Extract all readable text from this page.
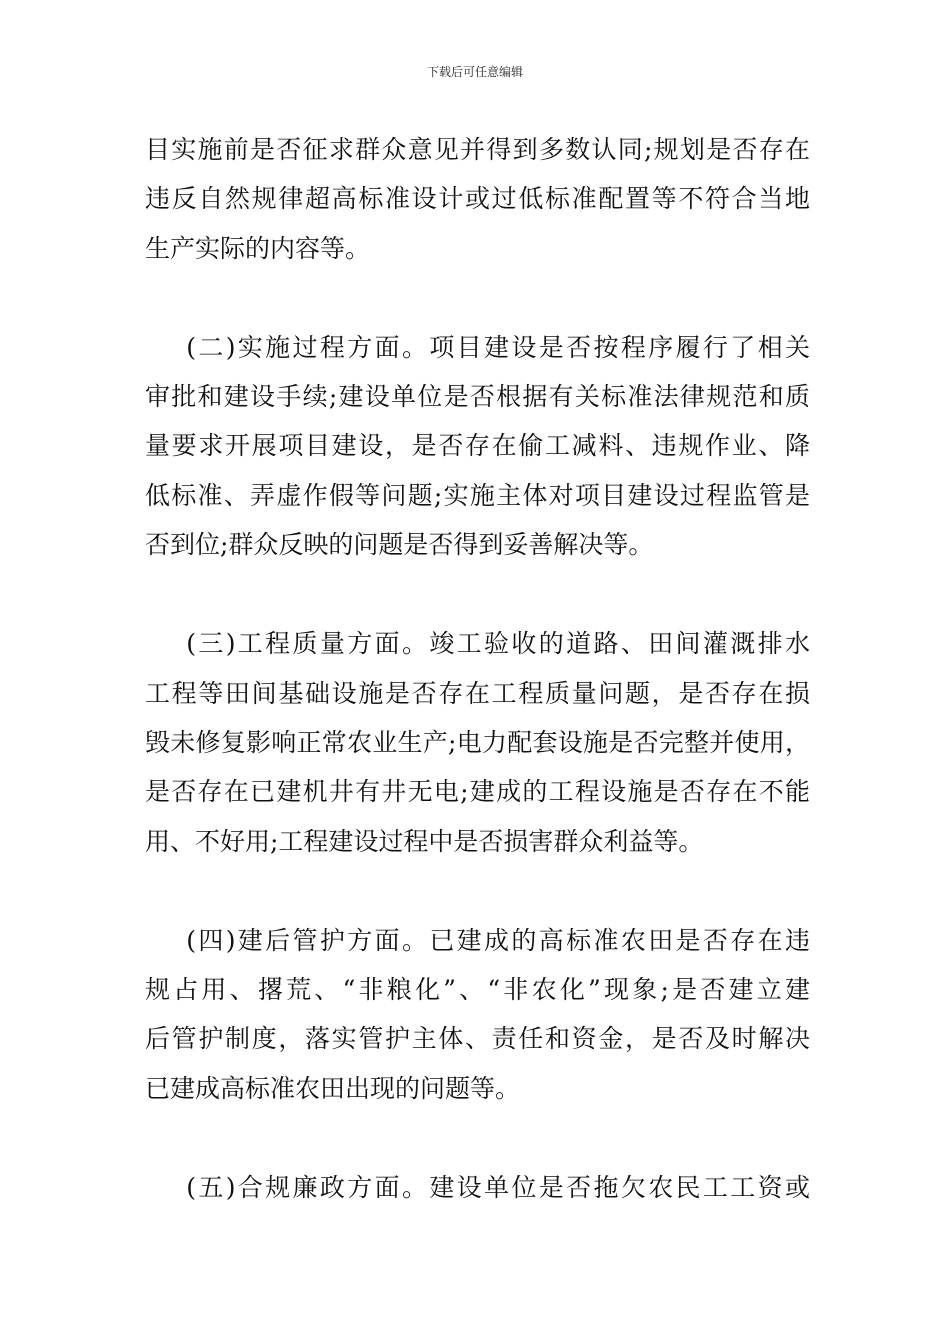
下载后可任意编辑
目实施前是否征求群众意见并得到多数认同;规划是否存在
违反自然规律超高标准设计或过低标准配置等不符合当地
生产实际的内容等。
(二)实施过程方面。项目建设是否按程序履行了相关
审批和建设手续;建设单位是否根据有关标准法律规范和质
量要求开展项目建设，是否存在偷工减料、违规作业、降
低标准、弄虚作假等问题;实施主体对项目建设过程监管是
否到位;群众反映的问题是否得到妥善解决等。
(三)工程质量方面。竣工验收的道路、田间灌溉排水
工程等田间基础设施是否存在工程质量问题，是否存在损
毁未修复影响正常农业生产;电力配套设施是否完整并使用，
是否存在已建机井有井无电;建成的工程设施是否存在不能
用、不好用;工程建设过程中是否损害群众利益等。
(四)建后管护方面。已建成的高标准农田是否存在违
规占用、撂荒、“非粮化”、“非农化”现象;是否建立建
后管护制度，落实管护主体、责任和资金，是否及时解决
已建成高标准农田出现的问题等。
(五)合规廉政方面。建设单位是否拖欠农民工工资或
